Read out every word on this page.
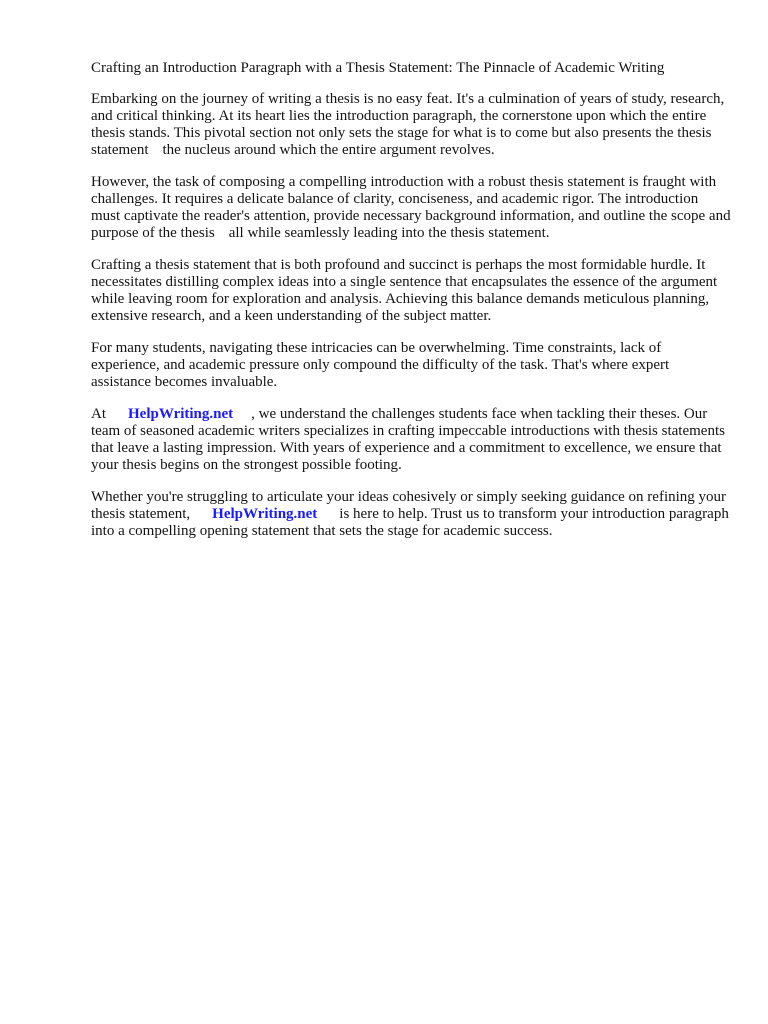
Crafting an Introduction Paragraph with a Thesis Statement: The Pinnacle of Academic Writing

Embarking on the journey of writing a thesis is no easy feat. It's a culmination of years of study, research, and critical thinking. At its heart lies the introduction paragraph, the cornerstone upon which the entire thesis stands. This pivotal section not only sets the stage for what is to come but also presents the thesis statement the nucleus around which the entire argument revolves.

However, the task of composing a compelling introduction with a robust thesis statement is fraught with challenges. It requires a delicate balance of clarity, conciseness, and academic rigor. The introduction must captivate the reader's attention, provide necessary background information, and outline the scope and purpose of the thesis all while seamlessly leading into the thesis statement.

Crafting a thesis statement that is both profound and succinct is perhaps the most formidable hurdle. It necessitates distilling complex ideas into a single sentence that encapsulates the essence of the argument while leaving room for exploration and analysis. Achieving this balance demands meticulous planning, extensive research, and a keen understanding of the subject matter.

For many students, navigating these intricacies can be overwhelming. Time constraints, lack of experience, and academic pressure only compound the difficulty of the task. That's where expert assistance becomes invaluable.

At HelpWriting.net , we understand the challenges students face when tackling their theses. Our team of seasoned academic writers specializes in crafting impeccable introductions with thesis statements that leave a lasting impression. With years of experience and a commitment to excellence, we ensure that your thesis begins on the strongest possible footing.

Whether you're struggling to articulate your ideas cohesively or simply seeking guidance on refining your thesis statement, HelpWriting.net is here to help. Trust us to transform your introduction paragraph into a compelling opening statement that sets the stage for academic success.
